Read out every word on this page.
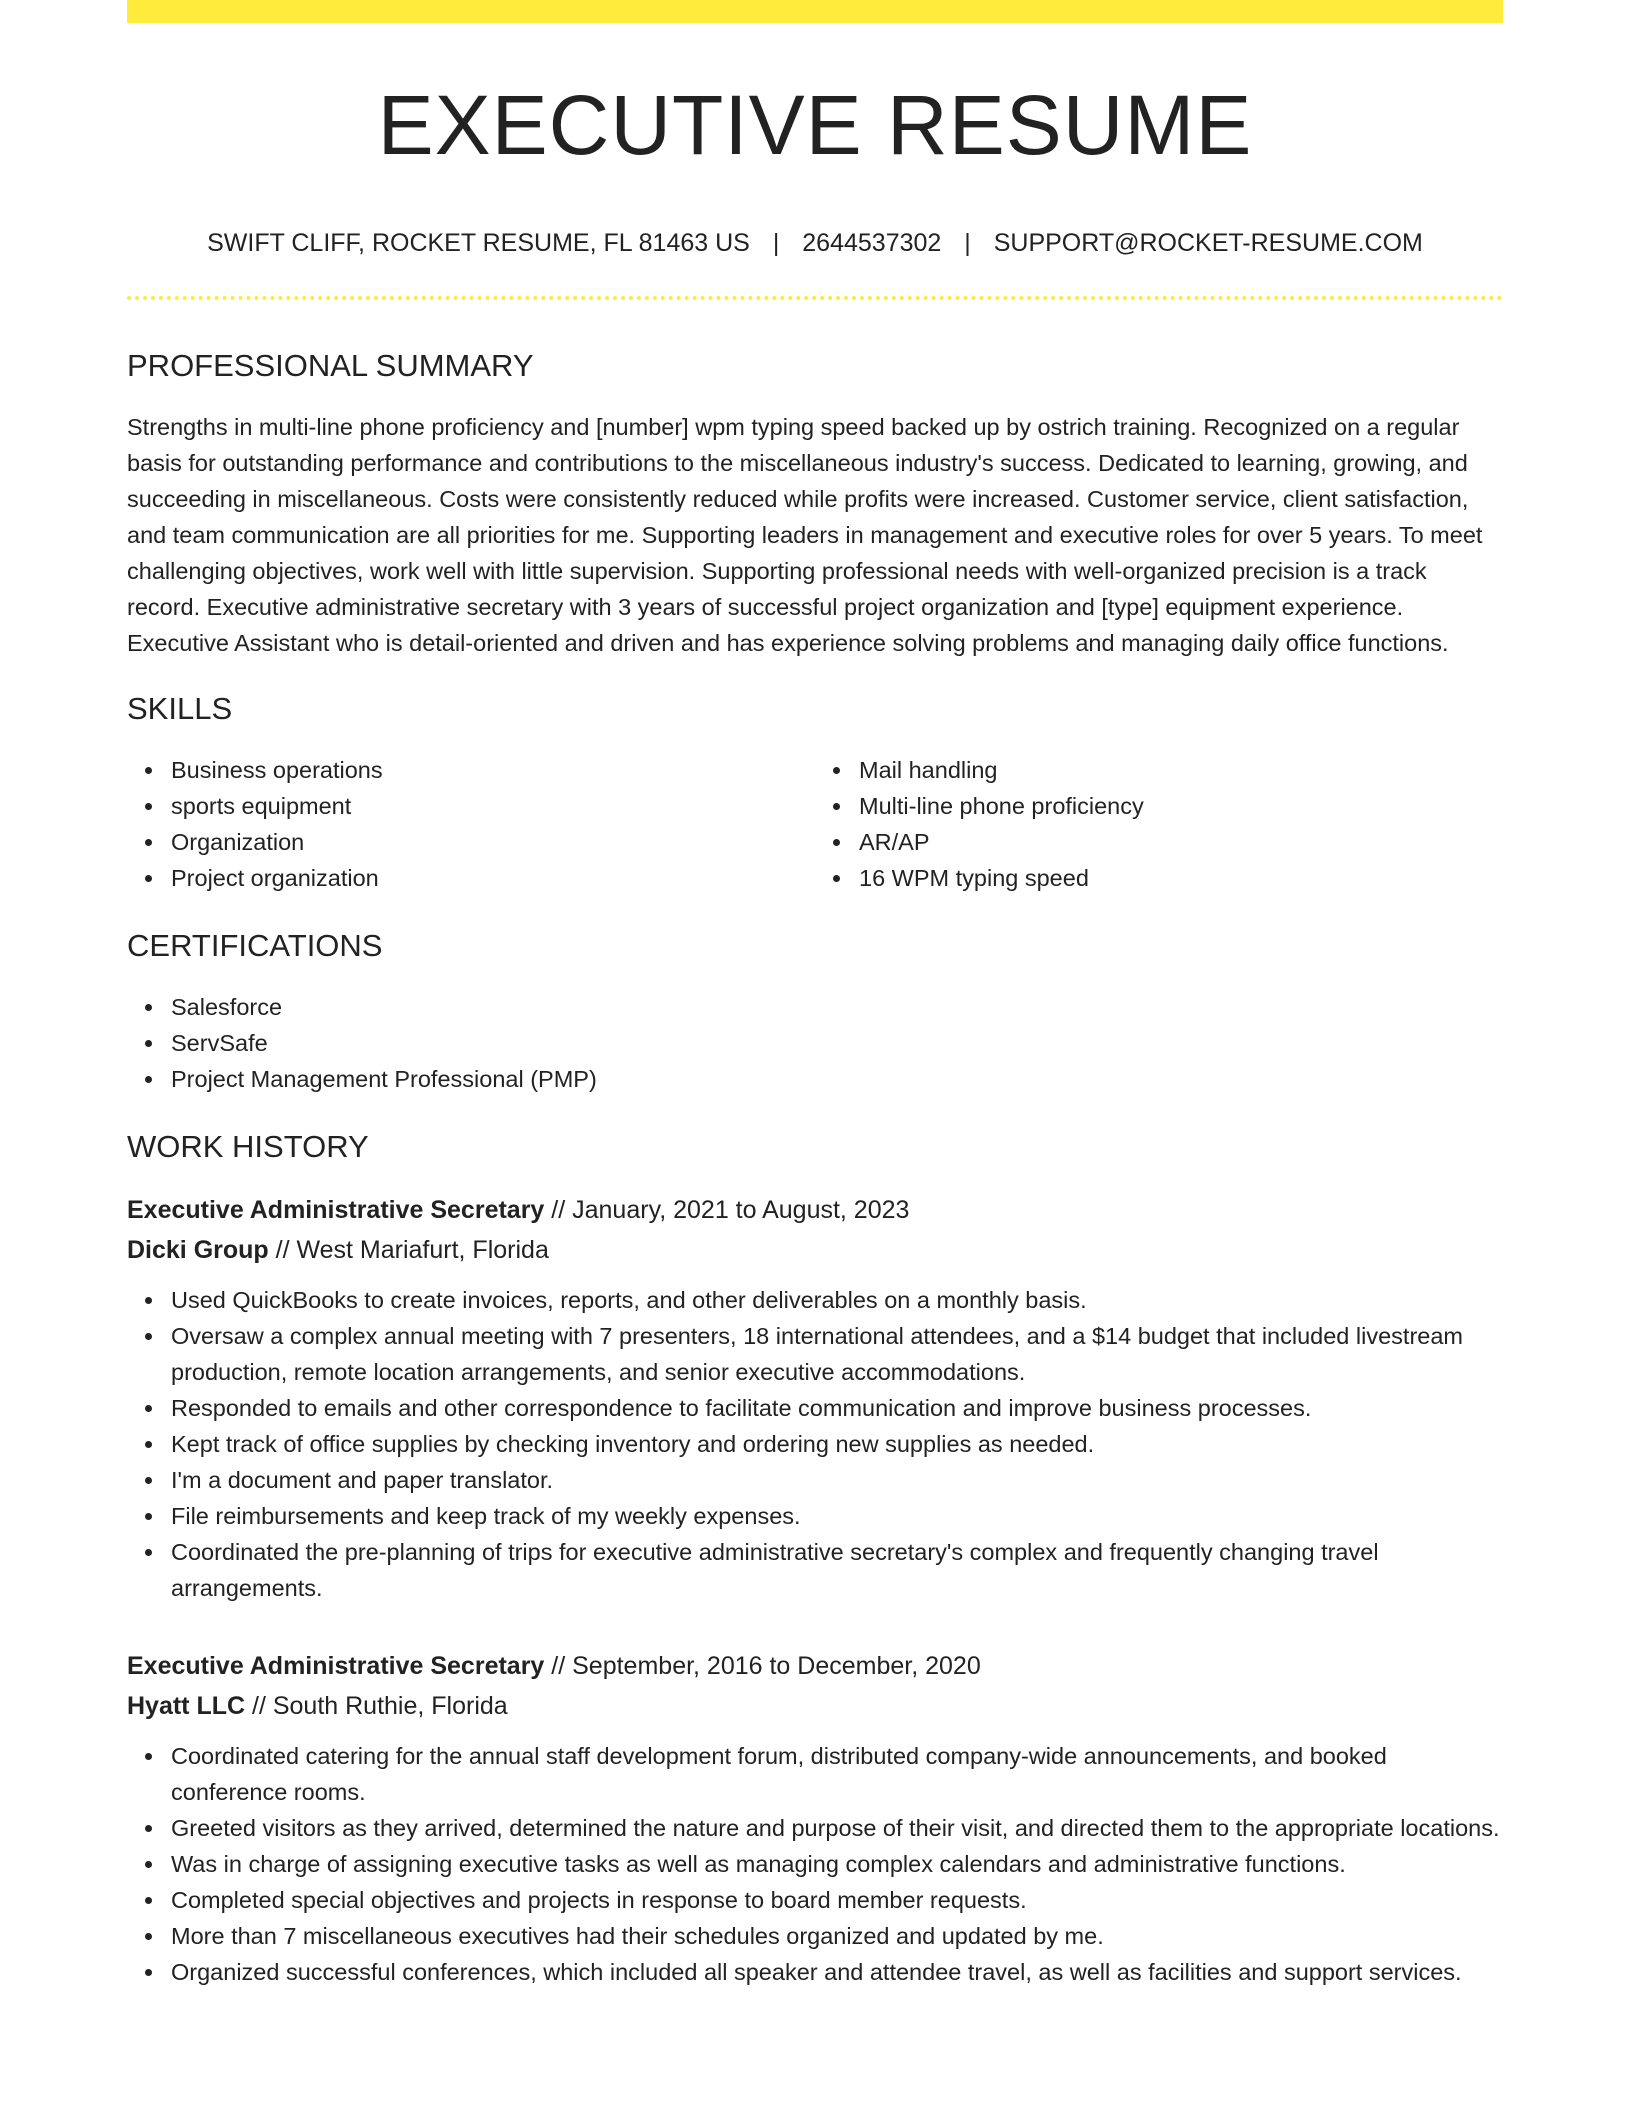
EXECUTIVE RESUME
SWIFT CLIFF, ROCKET RESUME, FL 81463 US | 2644537302 | SUPPORT@ROCKET-RESUME.COM
PROFESSIONAL SUMMARY
Strengths in multi-line phone proficiency and [number] wpm typing speed backed up by ostrich training. Recognized on a regular basis for outstanding performance and contributions to the miscellaneous industry's success. Dedicated to learning, growing, and succeeding in miscellaneous. Costs were consistently reduced while profits were increased. Customer service, client satisfaction, and team communication are all priorities for me. Supporting leaders in management and executive roles for over 5 years. To meet challenging objectives, work well with little supervision. Supporting professional needs with well-organized precision is a track record. Executive administrative secretary with 3 years of successful project organization and [type] equipment experience. Executive Assistant who is detail-oriented and driven and has experience solving problems and managing daily office functions.
SKILLS
Business operations
sports equipment
Organization
Project organization
Mail handling
Multi-line phone proficiency
AR/AP
16 WPM typing speed
CERTIFICATIONS
Salesforce
ServSafe
Project Management Professional (PMP)
WORK HISTORY
Executive Administrative Secretary // January, 2021 to August, 2023
Dicki Group // West Mariafurt, Florida
Used QuickBooks to create invoices, reports, and other deliverables on a monthly basis.
Oversaw a complex annual meeting with 7 presenters, 18 international attendees, and a $14 budget that included livestream production, remote location arrangements, and senior executive accommodations.
Responded to emails and other correspondence to facilitate communication and improve business processes.
Kept track of office supplies by checking inventory and ordering new supplies as needed.
I'm a document and paper translator.
File reimbursements and keep track of my weekly expenses.
Coordinated the pre-planning of trips for executive administrative secretary's complex and frequently changing travel arrangements.
Executive Administrative Secretary // September, 2016 to December, 2020
Hyatt LLC // South Ruthie, Florida
Coordinated catering for the annual staff development forum, distributed company-wide announcements, and booked conference rooms.
Greeted visitors as they arrived, determined the nature and purpose of their visit, and directed them to the appropriate locations.
Was in charge of assigning executive tasks as well as managing complex calendars and administrative functions.
Completed special objectives and projects in response to board member requests.
More than 7 miscellaneous executives had their schedules organized and updated by me.
Organized successful conferences, which included all speaker and attendee travel, as well as facilities and support services.
